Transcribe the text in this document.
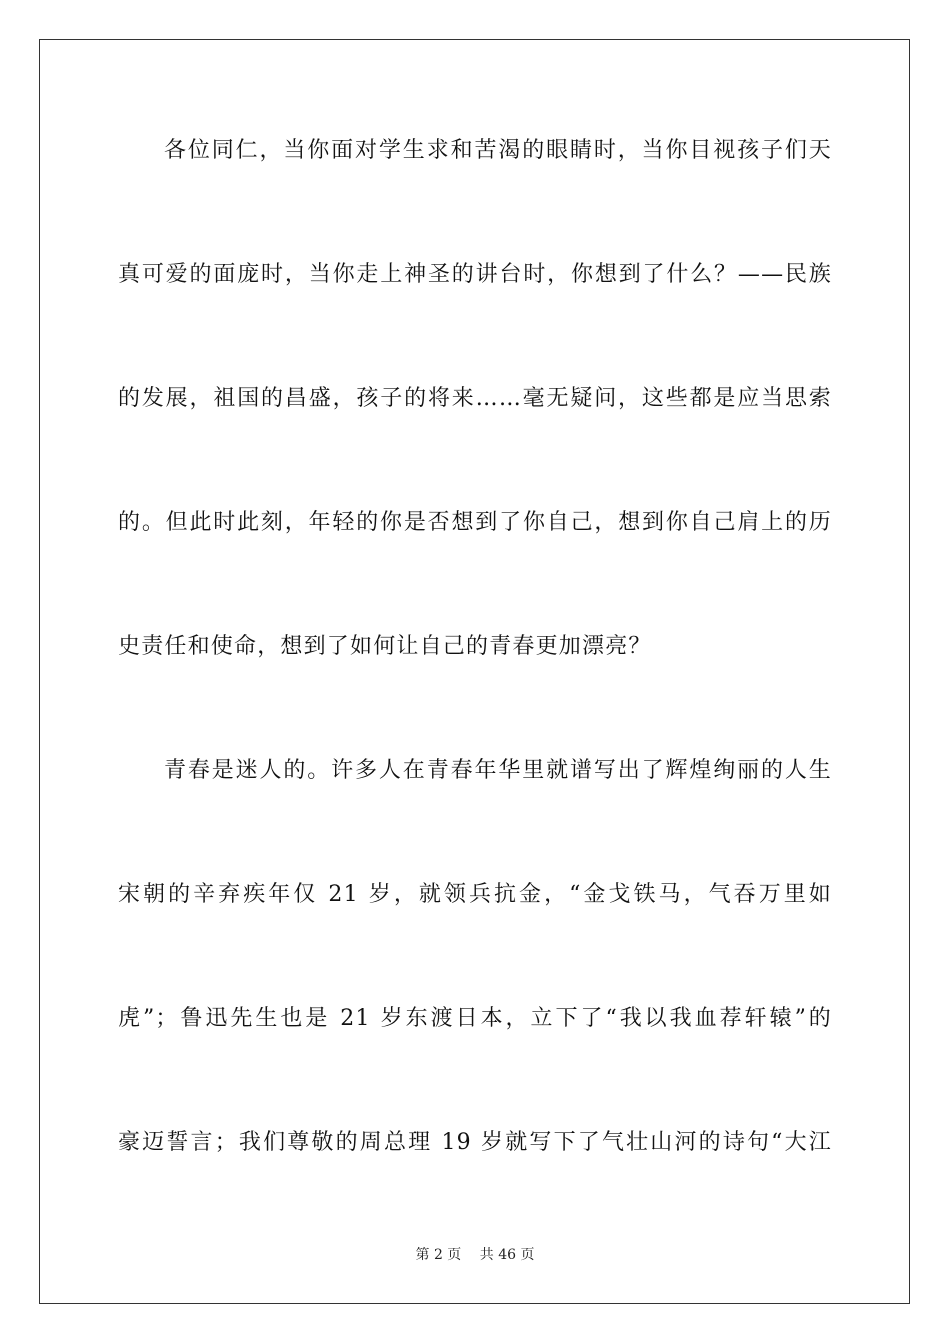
各位同仁，当你面对学生求和苦渴的眼睛时，当你目视孩子们天
真可爱的面庞时，当你走上神圣的讲台时，你想到了什么？——民族
的发展，祖国的昌盛，孩子的将来……毫无疑问，这些都是应当思索
的。但此时此刻，年轻的你是否想到了你自己，想到你自己肩上的历
史责任和使命，想到了如何让自己的青春更加漂亮？
青春是迷人的。许多人在青春年华里就谱写出了辉煌绚丽的人生
宋朝的辛弃疾年仅 21 岁，就领兵抗金，“金戈铁马，气吞万里如
虎”；鲁迅先生也是 21 岁东渡日本，立下了“我以我血荐轩辕”的
豪迈誓言；我们尊敬的周总理 19 岁就写下了气壮山河的诗句“大江
第 2 页 共 46 页
